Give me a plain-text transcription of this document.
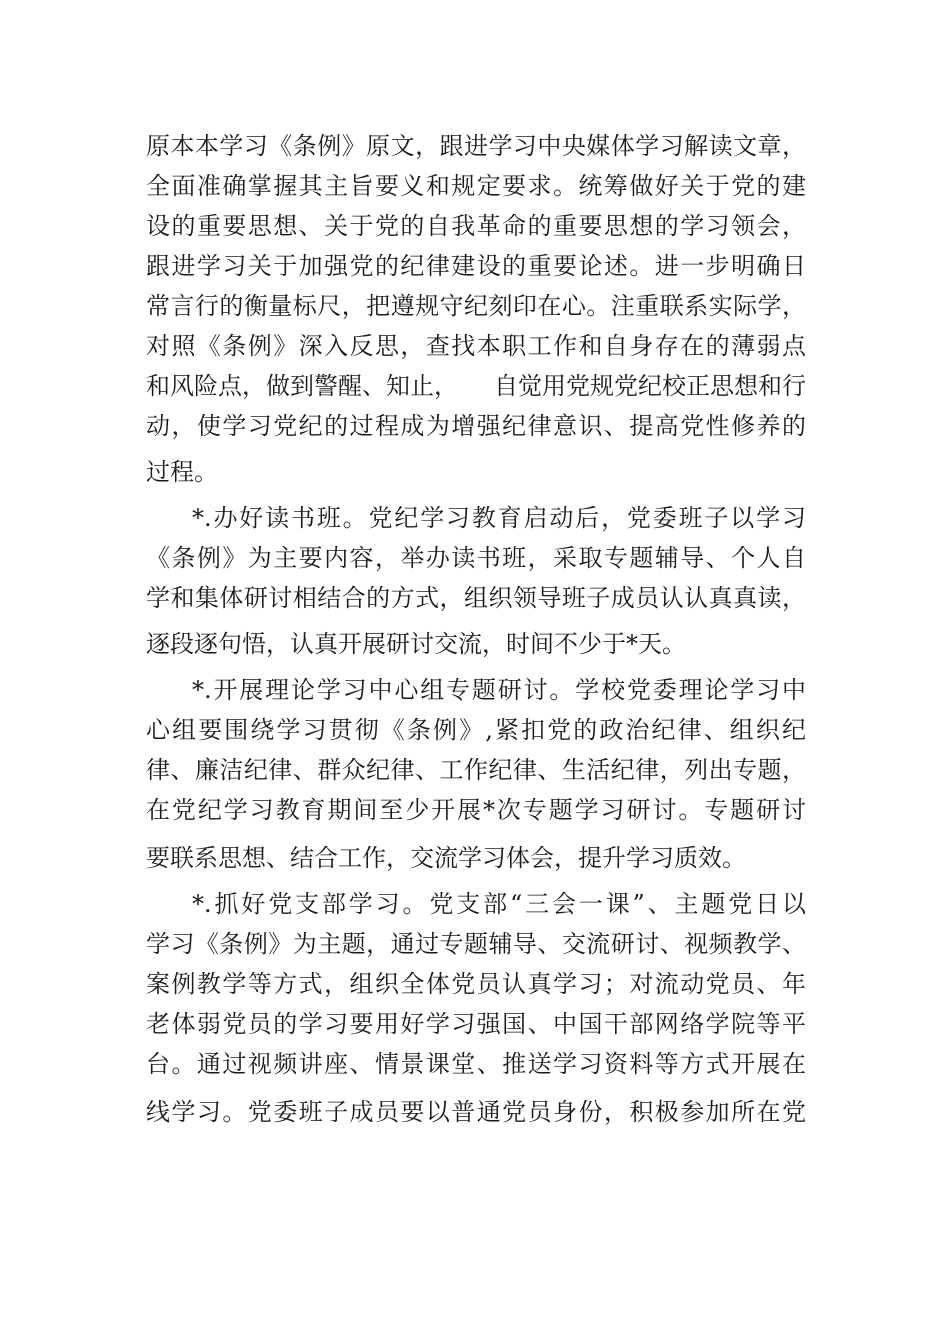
原本本学习《条例》原文，跟进学习中央媒体学习解读文章，
全面准确掌握其主旨要义和规定要求。统筹做好关于党的建
设的重要思想、关于党的自我革命的重要思想的学习领会，
跟进学习关于加强党的纪律建设的重要论述。进一步明确日
常言行的衡量标尺，把遵规守纪刻印在心。注重联系实际学，
对照《条例》深入反思，查找本职工作和自身存在的薄弱点
和风险点，做到警醒、知止，　　自觉用党规党纪校正思想和行
动，使学习党纪的过程成为增强纪律意识、提高党性修养的
过程。
*.办好读书班。党纪学习教育启动后，党委班子以学习
《条例》为主要内容，举办读书班，采取专题辅导、个人自
学和集体研讨相结合的方式，组织领导班子成员认认真真读，
逐段逐句悟，认真开展研讨交流，时间不少于*天。
*.开展理论学习中心组专题研讨。学校党委理论学习中
心组要围绕学习贯彻《条例》,紧扣党的政治纪律、组织纪
律、廉洁纪律、群众纪律、工作纪律、生活纪律，列出专题，
在党纪学习教育期间至少开展*次专题学习研讨。专题研讨
要联系思想、结合工作，交流学习体会，提升学习质效。
*.抓好党支部学习。党支部“三会一课”、主题党日以
学习《条例》为主题，通过专题辅导、交流研讨、视频教学、
案例教学等方式，组织全体党员认真学习；对流动党员、年
老体弱党员的学习要用好学习强国、中国干部网络学院等平
台。通过视频讲座、情景课堂、推送学习资料等方式开展在
线学习。党委班子成员要以普通党员身份，积极参加所在党
